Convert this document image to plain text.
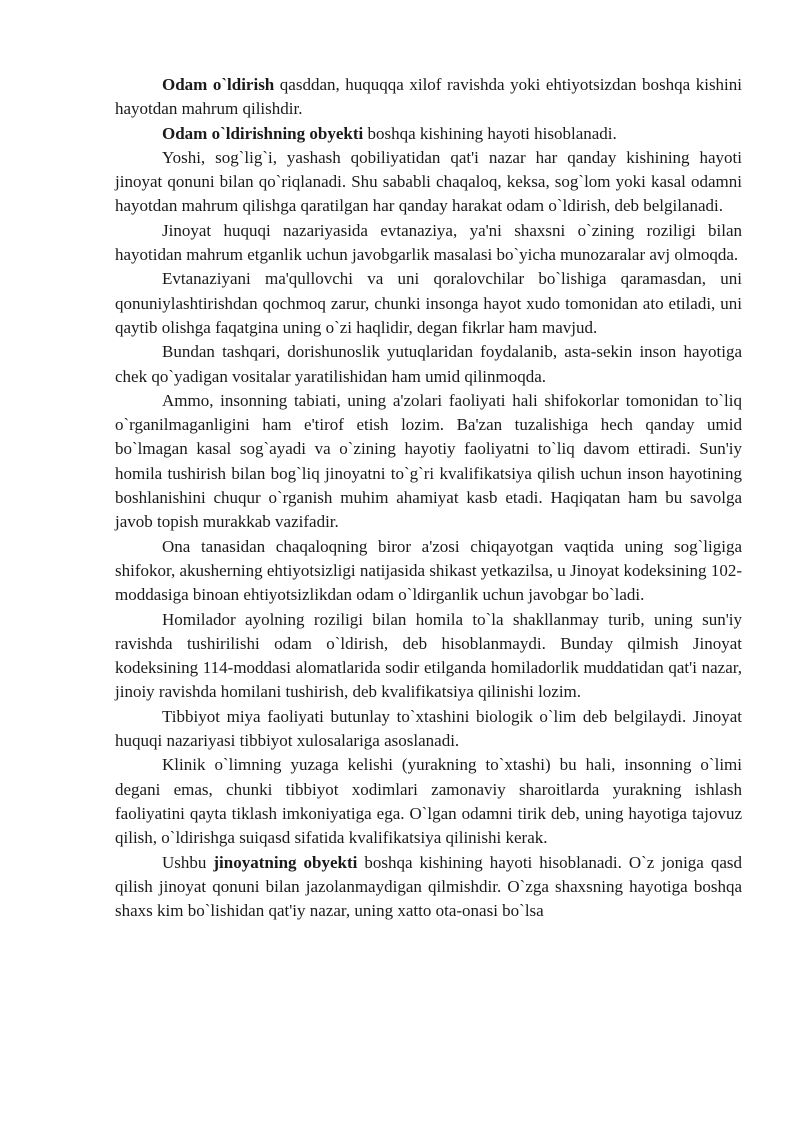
Odam o`ldirish qasddan, huquqqa xilof ravishda yoki ehtiyotsizdan boshqa kishini hayotdan mahrum qilishdir.

Odam o`ldirishning obyekti boshqa kishining hayoti hisoblanadi.

Yoshi, sog`lig`i, yashash qobiliyatidan qat'i nazar har qanday kishining hayoti jinoyat qonuni bilan qo`riqlanadi. Shu sababli chaqaloq, keksa, sog`lom yoki kasal odamni hayotdan mahrum qilishga qaratilgan har qanday harakat odam o`ldirish, deb belgilanadi.

Jinoyat huquqi nazariyasida evtanaziya, ya'ni shaxsni o`zining roziligi bilan hayotidan mahrum etganlik uchun javobgarlik masalasi bo`yicha munozaralar avj olmoqda.

Evtanaziyani ma'qullovchi va uni qoralovchilar bo`lishiga qaramasdan, uni qonuniylashtirishdan qochmoq zarur, chunki insonga hayot xudo tomonidan ato etiladi, uni qaytib olishga faqatgina uning o`zi haqlidir, degan fikrlar ham mavjud.

Bundan tashqari, dorishunoslik yutuqlaridan foydalanib, asta-sekin inson hayotiga chek qo`yadigan vositalar yaratilishidan ham umid qilinmoqda.

Ammo, insonning tabiati, uning a'zolari faoliyati hali shifokorlar tomonidan to`liq o`rganilmaganligini ham e'tirof etish lozim. Ba'zan tuzalishiga hech qanday umid bo`lmagan kasal sog`ayadi va o`zining hayotiy faoliyatni to`liq davom ettiradi. Sun'iy homila tushirish bilan bog`liq jinoyatni to`g`ri kvalifikatsiya qilish uchun inson hayotining boshlanishini chuqur o`rganish muhim ahamiyat kasb etadi. Haqiqatan ham bu savolga javob topish murakkab vazifadir.

Ona tanasidan chaqaloqning biror a'zosi chiqayotgan vaqtida uning sog`ligiga shifokor, akusherning ehtiyotsizligi natijasida shikast yetkazilsa, u Jinoyat kodeksining 102-moddasiga binoan ehtiyotsizlikdan odam o`ldirganlik uchun javobgar bo`ladi.

Homilador ayolning roziligi bilan homila to`la shakllanmay turib, uning sun'iy ravishda tushirilishi odam o`ldirish, deb hisoblanmaydi. Bunday qilmish Jinoyat kodeksining 114-moddasi alomatlarida sodir etilganda homiladorlik muddatidan qat'i nazar, jinoiy ravishda homilani tushirish, deb kvalifikatsiya qilinishi lozim.

Tibbiyot miya faoliyati butunlay to`xtashini biologik o`lim deb belgilaydi. Jinoyat huquqi nazariyasi tibbiyot xulosalariga asoslanadi.

Klinik o`limning yuzaga kelishi (yurakning to`xtashi) bu hali, insonning o`limi degani emas, chunki tibbiyot xodimlari zamonaviy sharoitlarda yurakning ishlash faoliyatini qayta tiklash imkoniyatiga ega. O`lgan odamni tirik deb, uning hayotiga tajovuz qilish, o`ldirishga suiqasd sifatida kvalifikatsiya qilinishi kerak.

Ushbu jinoyatning obyekti boshqa kishining hayoti hisoblanadi. O`z joniga qasd qilish jinoyat qonuni bilan jazolanmaydigan qilmishdir. O`zga shaxsning hayotiga boshqa shaxs kim bo`lishidan qat'iy nazar, uning xatto ota-onasi bo`lsa
